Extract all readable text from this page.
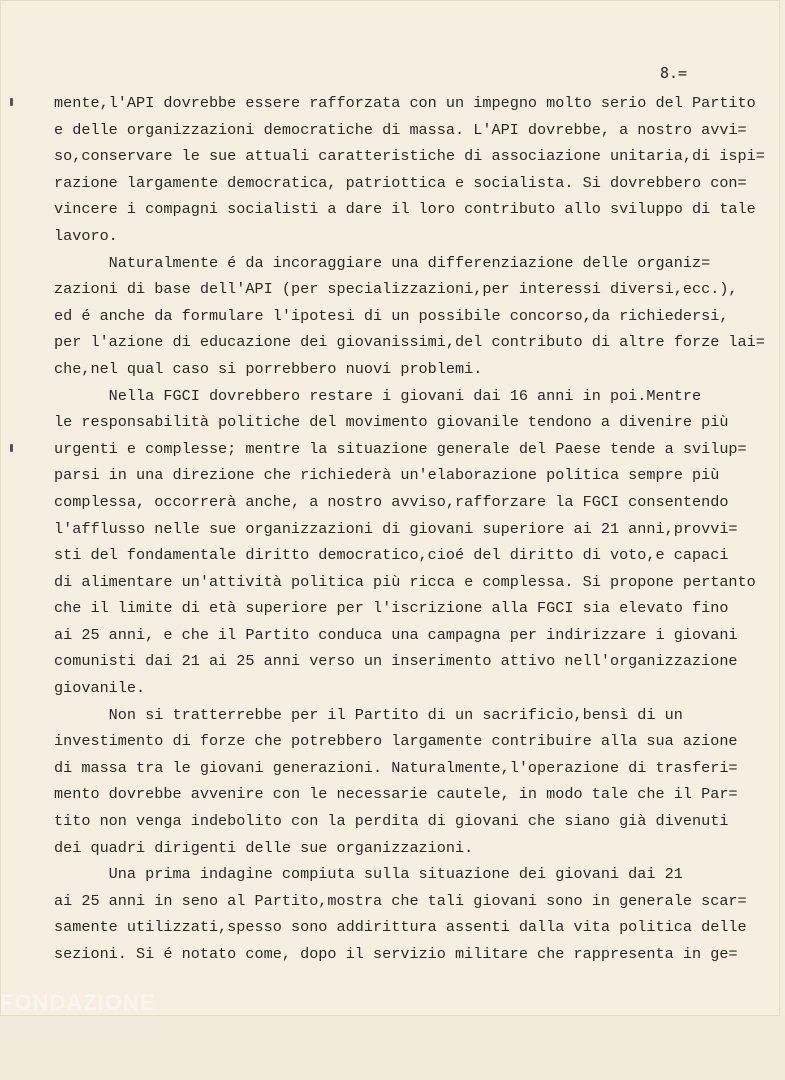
8.=
mente,l'API dovrebbe essere rafforzata con un impegno molto serio del Partito
e delle organizzazioni democratiche di massa. L'API dovrebbe, a nostro avvi=
so,conservare le sue attuali caratteristiche di associazione unitaria,di ispi=
razione largamente democratica, patriottica e socialista. Si dovrebbero con=
vincere i compagni socialisti a dare il loro contributo allo sviluppo di tale
lavoro.
Naturalmente é da incoraggiare una differenziazione delle organiz=
zazioni di base dell'API (per specializzazioni,per interessi diversi,ecc.),
ed é anche da formulare l'ipotesi di un possibile concorso,da richiedersi,
per l'azione di educazione dei giovanissimi,del contributo di altre forze lai=
che,nel qual caso si porrebbero nuovi problemi.
Nella FGCI dovrebbero restare i giovani dai 16 anni in poi.Mentre
le responsabilità politiche del movimento giovanile tendono a divenire più
urgenti e complesse; mentre la situazione generale del Paese tende a svilup=
parsi in una direzione che richiederà un'elaborazione politica sempre più
complessa, occorrerà anche, a nostro avviso,rafforzare la FGCI consentendo
l'afflusso nelle sue organizzazioni di giovani superiore ai 21 anni,provvi=
sti del fondamentale diritto democratico,cioé del diritto di voto,e capaci
di alimentare un'attività politica più ricca e complessa. Si propone pertanto
che il limite di età superiore per l'iscrizione alla FGCI sia elevato fino
ai 25 anni, e che il Partito conduca una campagna per indirizzare i giovani
comunisti dai 21 ai 25 anni verso un inserimento attivo nell'organizzazione
giovanile.
Non si tratterrebbe per il Partito di un sacrificio,bensì di un
investimento di forze che potrebbero largamente contribuire alla sua azione
di massa tra le giovani generazioni. Naturalmente,l'operazione di trasferi=
mento dovrebbe avvenire con le necessarie cautele, in modo tale che il Par=
tito non venga indebolito con la perdita di giovani che siano già divenuti
dei quadri dirigenti delle sue organizzazioni.
Una prima indagine compiuta sulla situazione dei giovani dai 21
ai 25 anni in seno al Partito,mostra che tali giovani sono in generale scar=
samente utilizzati,spesso sono addirittura assenti dalla vita politica delle
sezioni. Si é notato come, dopo il servizio militare che rappresenta in ge=
FONDAZIONE
